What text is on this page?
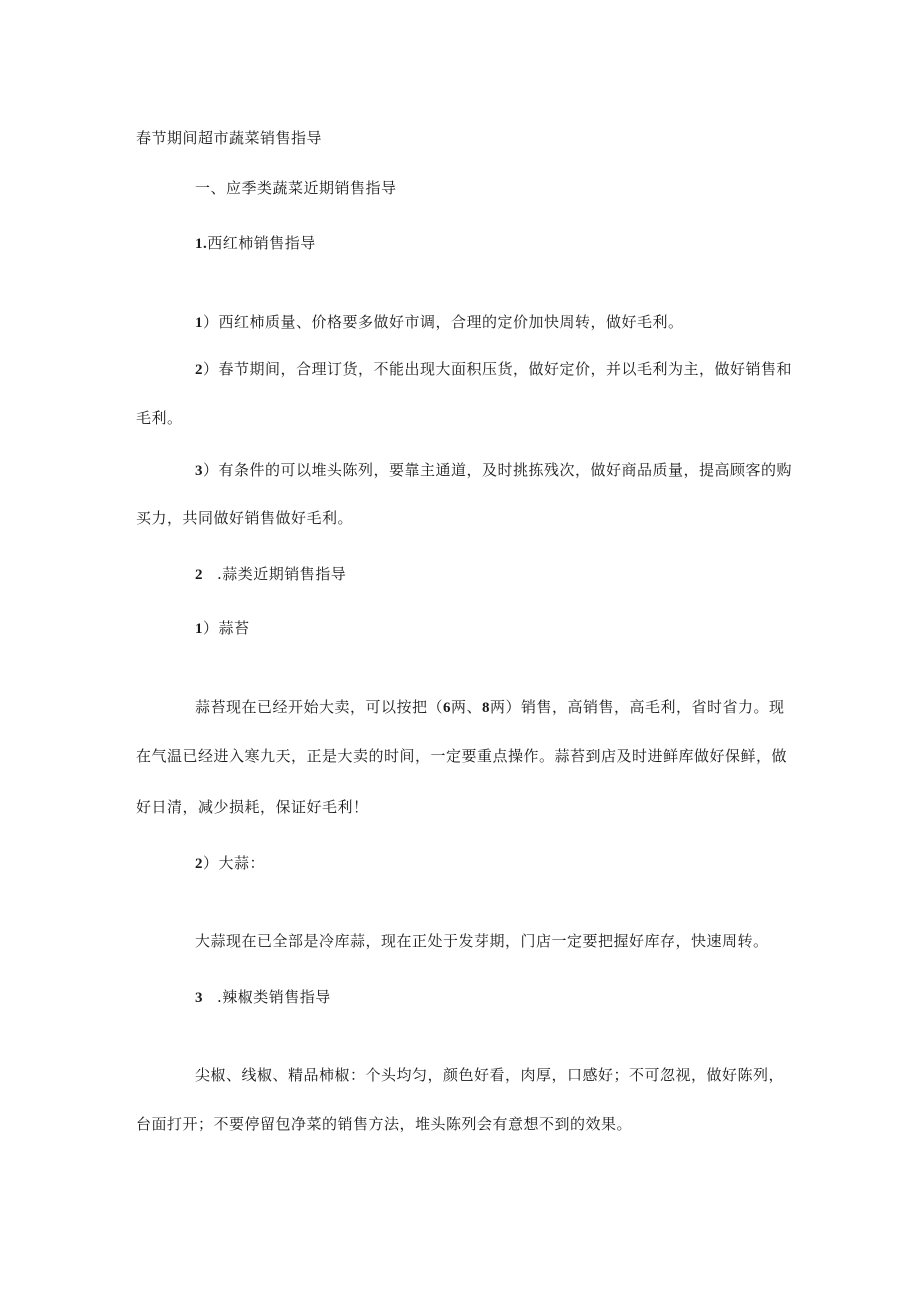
春节期间超市蔬菜销售指导
一、应季类蔬菜近期销售指导
1.西红柿销售指导
1）西红柿质量、价格要多做好市调，合理的定价加快周转，做好毛利。
2）春节期间，合理订货，不能出现大面积压货，做好定价，并以毛利为主，做好销售和
毛利。
3）有条件的可以堆头陈列，要靠主通道，及时挑拣残次，做好商品质量，提高顾客的购
买力，共同做好销售做好毛利。
2 .蒜类近期销售指导
1）蒜苔
蒜苔现在已经开始大卖，可以按把（6两、8两）销售，高销售，高毛利，省时省力。现
在气温已经进入寒九天，正是大卖的时间，一定要重点操作。蒜苔到店及时进鲜库做好保鲜，做
好日清，减少损耗，保证好毛利！
2）大蒜：
大蒜现在已全部是冷库蒜，现在正处于发芽期，门店一定要把握好库存，快速周转。
3 .辣椒类销售指导
尖椒、线椒、精品柿椒：个头均匀，颜色好看，肉厚，口感好；不可忽视，做好陈列，
台面打开；不要停留包净菜的销售方法，堆头陈列会有意想不到的效果。
